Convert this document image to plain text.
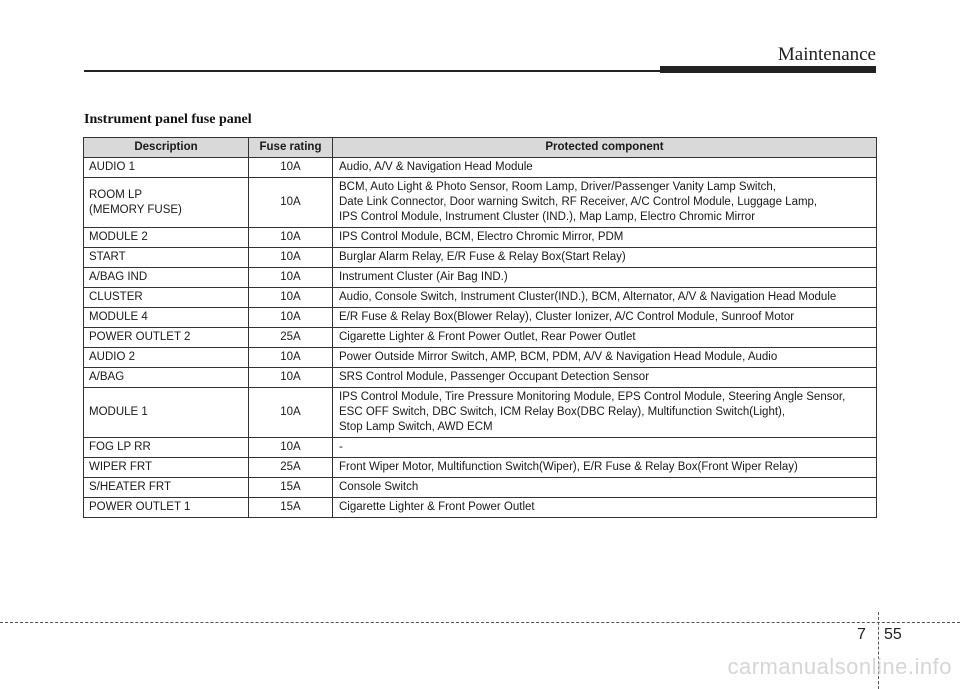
Maintenance
Instrument panel fuse panel
Description	Fuse rating	Protected component
AUDIO 1	10A	Audio, A/V & Navigation Head Module
ROOM LP
(MEMORY FUSE)	10A	BCM, Auto Light & Photo Sensor, Room Lamp, Driver/Passenger Vanity Lamp Switch,
Date Link Connector, Door warning Switch, RF Receiver, A/C Control Module, Luggage Lamp,
IPS Control Module, Instrument Cluster (IND.), Map Lamp, Electro Chromic Mirror
MODULE 2	10A	IPS Control Module, BCM, Electro Chromic Mirror, PDM
START	10A	Burglar Alarm Relay, E/R Fuse & Relay Box(Start Relay)
A/BAG IND	10A	Instrument Cluster (Air Bag IND.)
CLUSTER	10A	Audio, Console Switch, Instrument Cluster(IND.), BCM, Alternator, A/V & Navigation Head Module
MODULE 4	10A	E/R Fuse & Relay Box(Blower Relay), Cluster Ionizer, A/C Control Module, Sunroof Motor
POWER OUTLET 2	25A	Cigarette Lighter & Front Power Outlet, Rear Power Outlet
AUDIO 2	10A	Power Outside Mirror Switch, AMP, BCM, PDM, A/V & Navigation Head Module, Audio
A/BAG	10A	SRS Control Module, Passenger Occupant Detection Sensor
MODULE 1	10A	IPS Control Module, Tire Pressure Monitoring Module, EPS Control Module, Steering Angle Sensor,
ESC OFF Switch, DBC Switch, ICM Relay Box(DBC Relay), Multifunction Switch(Light),
Stop Lamp Switch, AWD ECM
FOG LP RR	10A	-
WIPER FRT	25A	Front Wiper Motor, Multifunction Switch(Wiper), E/R Fuse & Relay Box(Front Wiper Relay)
S/HEATER FRT	15A	Console Switch
POWER OUTLET 1	15A	Cigarette Lighter & Front Power Outlet
7 55
carmanualsonline.info
